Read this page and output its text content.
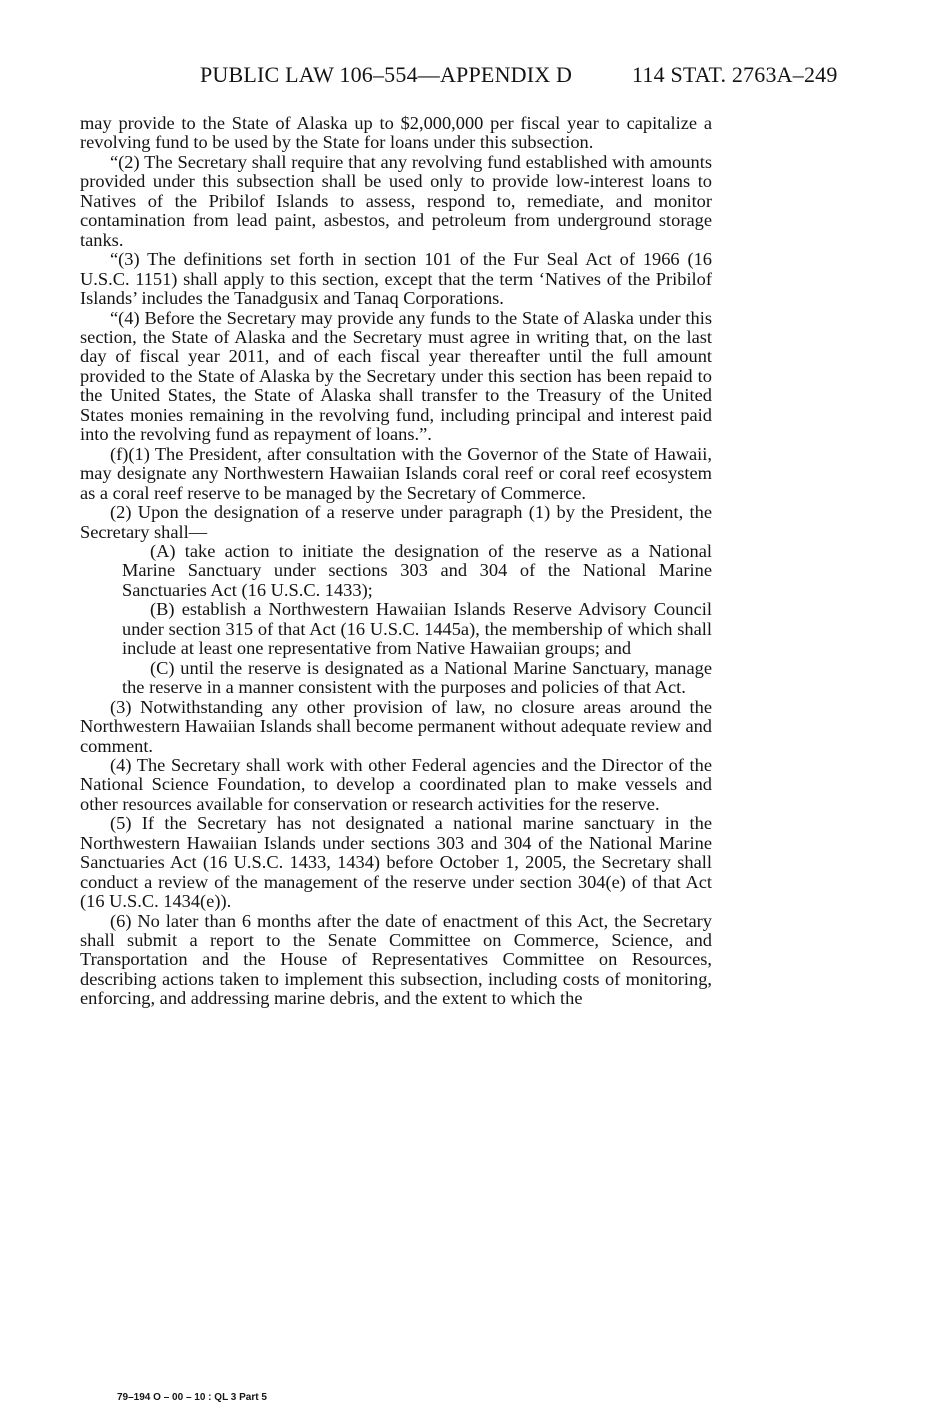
PUBLIC LAW 106–554—APPENDIX D	114 STAT. 2763A–249

may provide to the State of Alaska up to $2,000,000 per fiscal year to capitalize a revolving fund to be used by the State for loans under this subsection.

“(2) The Secretary shall require that any revolving fund established with amounts provided under this subsection shall be used only to provide low-interest loans to Natives of the Pribilof Islands to assess, respond to, remediate, and monitor contamination from lead paint, asbestos, and petroleum from underground storage tanks.

“(3) The definitions set forth in section 101 of the Fur Seal Act of 1966 (16 U.S.C. 1151) shall apply to this section, except that the term ‘Natives of the Pribilof Islands’ includes the Tanadgusix and Tanaq Corporations.

“(4) Before the Secretary may provide any funds to the State of Alaska under this section, the State of Alaska and the Secretary must agree in writing that, on the last day of fiscal year 2011, and of each fiscal year thereafter until the full amount provided to the State of Alaska by the Secretary under this section has been repaid to the United States, the State of Alaska shall transfer to the Treasury of the United States monies remaining in the revolving fund, including principal and interest paid into the revolving fund as repayment of loans.”.

(f)(1) The President, after consultation with the Governor of the State of Hawaii, may designate any Northwestern Hawaiian Islands coral reef or coral reef ecosystem as a coral reef reserve to be managed by the Secretary of Commerce.

(2) Upon the designation of a reserve under paragraph (1) by the President, the Secretary shall—

(A) take action to initiate the designation of the reserve as a National Marine Sanctuary under sections 303 and 304 of the National Marine Sanctuaries Act (16 U.S.C. 1433);

(B) establish a Northwestern Hawaiian Islands Reserve Advisory Council under section 315 of that Act (16 U.S.C. 1445a), the membership of which shall include at least one representative from Native Hawaiian groups; and

(C) until the reserve is designated as a National Marine Sanctuary, manage the reserve in a manner consistent with the purposes and policies of that Act.

(3) Notwithstanding any other provision of law, no closure areas around the Northwestern Hawaiian Islands shall become permanent without adequate review and comment.

(4) The Secretary shall work with other Federal agencies and the Director of the National Science Foundation, to develop a coordinated plan to make vessels and other resources available for conservation or research activities for the reserve.

(5) If the Secretary has not designated a national marine sanctuary in the Northwestern Hawaiian Islands under sections 303 and 304 of the National Marine Sanctuaries Act (16 U.S.C. 1433, 1434) before October 1, 2005, the Secretary shall conduct a review of the management of the reserve under section 304(e) of that Act (16 U.S.C. 1434(e)).

(6) No later than 6 months after the date of enactment of this Act, the Secretary shall submit a report to the Senate Committee on Commerce, Science, and Transportation and the House of Representatives Committee on Resources, describing actions taken to implement this subsection, including costs of monitoring, enforcing, and addressing marine debris, and the extent to which the

79–194 O – 00 – 10 : QL 3 Part 5
